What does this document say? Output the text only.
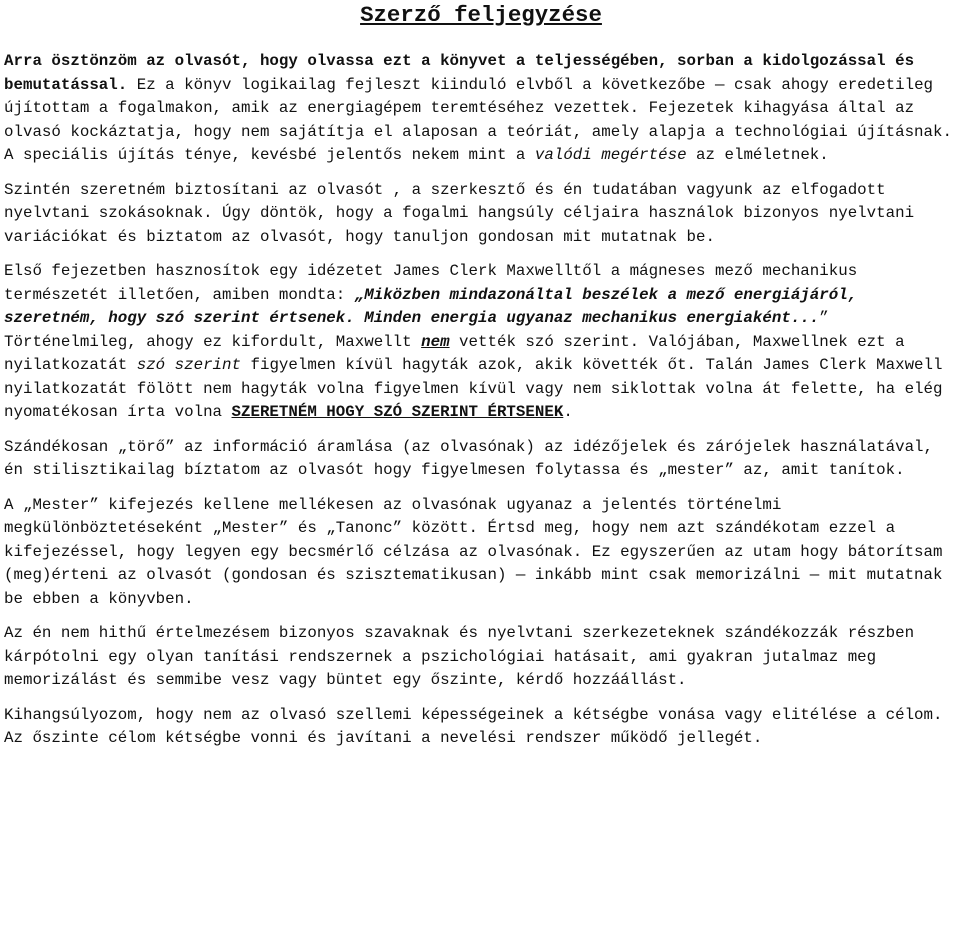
Szerző feljegyzése

Arra ösztönzöm az olvasót, hogy olvassa ezt a könyvet a teljességében, sorban a kidolgozással és bemutatással. Ez a könyv logikailag fejleszt kiinduló elvből a következőbe — csak ahogy eredetileg újítottam a fogalmakon, amik az energiagépem teremtéséhez vezettek. Fejezetek kihagyása által az olvasó kockáztatja, hogy nem sajátítja el alaposan a teóriát, amely alapja a technológiai újításnak. A speciális újítás ténye, kevésbé jelentős nekem mint a valódi megértése az elméletnek.

Szintén szeretném biztosítani az olvasót , a szerkesztő és én tudatában vagyunk az elfogadott nyelvtani szokásoknak. Úgy döntök, hogy a fogalmi hangsúly céljaira használok bizonyos nyelvtani variációkat és biztatom az olvasót, hogy tanuljon gondosan mit mutatnak be.

Első fejezetben hasznosítok egy idézetet James Clerk Maxwelltől a mágneses mező mechanikus természetét illetően, amiben mondta: „Miközben mindazonáltal beszélek a mező energiájáról, szeretném, hogy szó szerint értsenek. Minden energia ugyanaz mechanikus energiaként...” Történelmileg, ahogy ez kifordult, Maxwellt nem vették szó szerint. Valójában, Maxwellnek ezt a nyilatkozatát szó szerint figyelmen kívül hagyták azok, akik követték őt. Talán James Clerk Maxwell nyilatkozatát fölött nem hagyták volna figyelmen kívül vagy nem siklottak volna át felette, ha elég nyomatékosan írta volna SZERETNÉM HOGY SZÓ SZERINT ÉRTSENEK.

Szándékosan „törő” az információ áramlása (az olvasónak) az idézőjelek és zárójelek használatával, én stilisztikailag bíztatom az olvasót hogy figyelmesen folytassa és „mester” az, amit tanítok.

A „Mester” kifejezés kellene mellékesen az olvasónak ugyanaz a jelentés történelmi megkülönböztetéseként „Mester” és „Tanonc” között. Értsd meg, hogy nem azt szándékotam ezzel a kifejezéssel, hogy legyen egy becsmérlő célzása az olvasónak. Ez egyszerűen az utam hogy bátorítsam (meg)érteni az olvasót (gondosan és szisztematikusan) — inkább mint csak memorizálni — mit mutatnak be ebben a könyvben.

Az én nem hithű értelmezésem bizonyos szavaknak és nyelvtani szerkezeteknek szándékozzák részben kárpótolni egy olyan tanítási rendszernek a pszichológiai hatásait, ami gyakran jutalmaz meg memorizálást és semmibe vesz vagy büntet egy őszinte, kérdő hozzáállást.

Kihangsúlyozom, hogy nem az olvasó szellemi képességeinek a kétségbe vonása vagy elitélése a célom. Az őszinte célom kétségbe vonni és javítani a nevelési rendszer működő jellegét.
